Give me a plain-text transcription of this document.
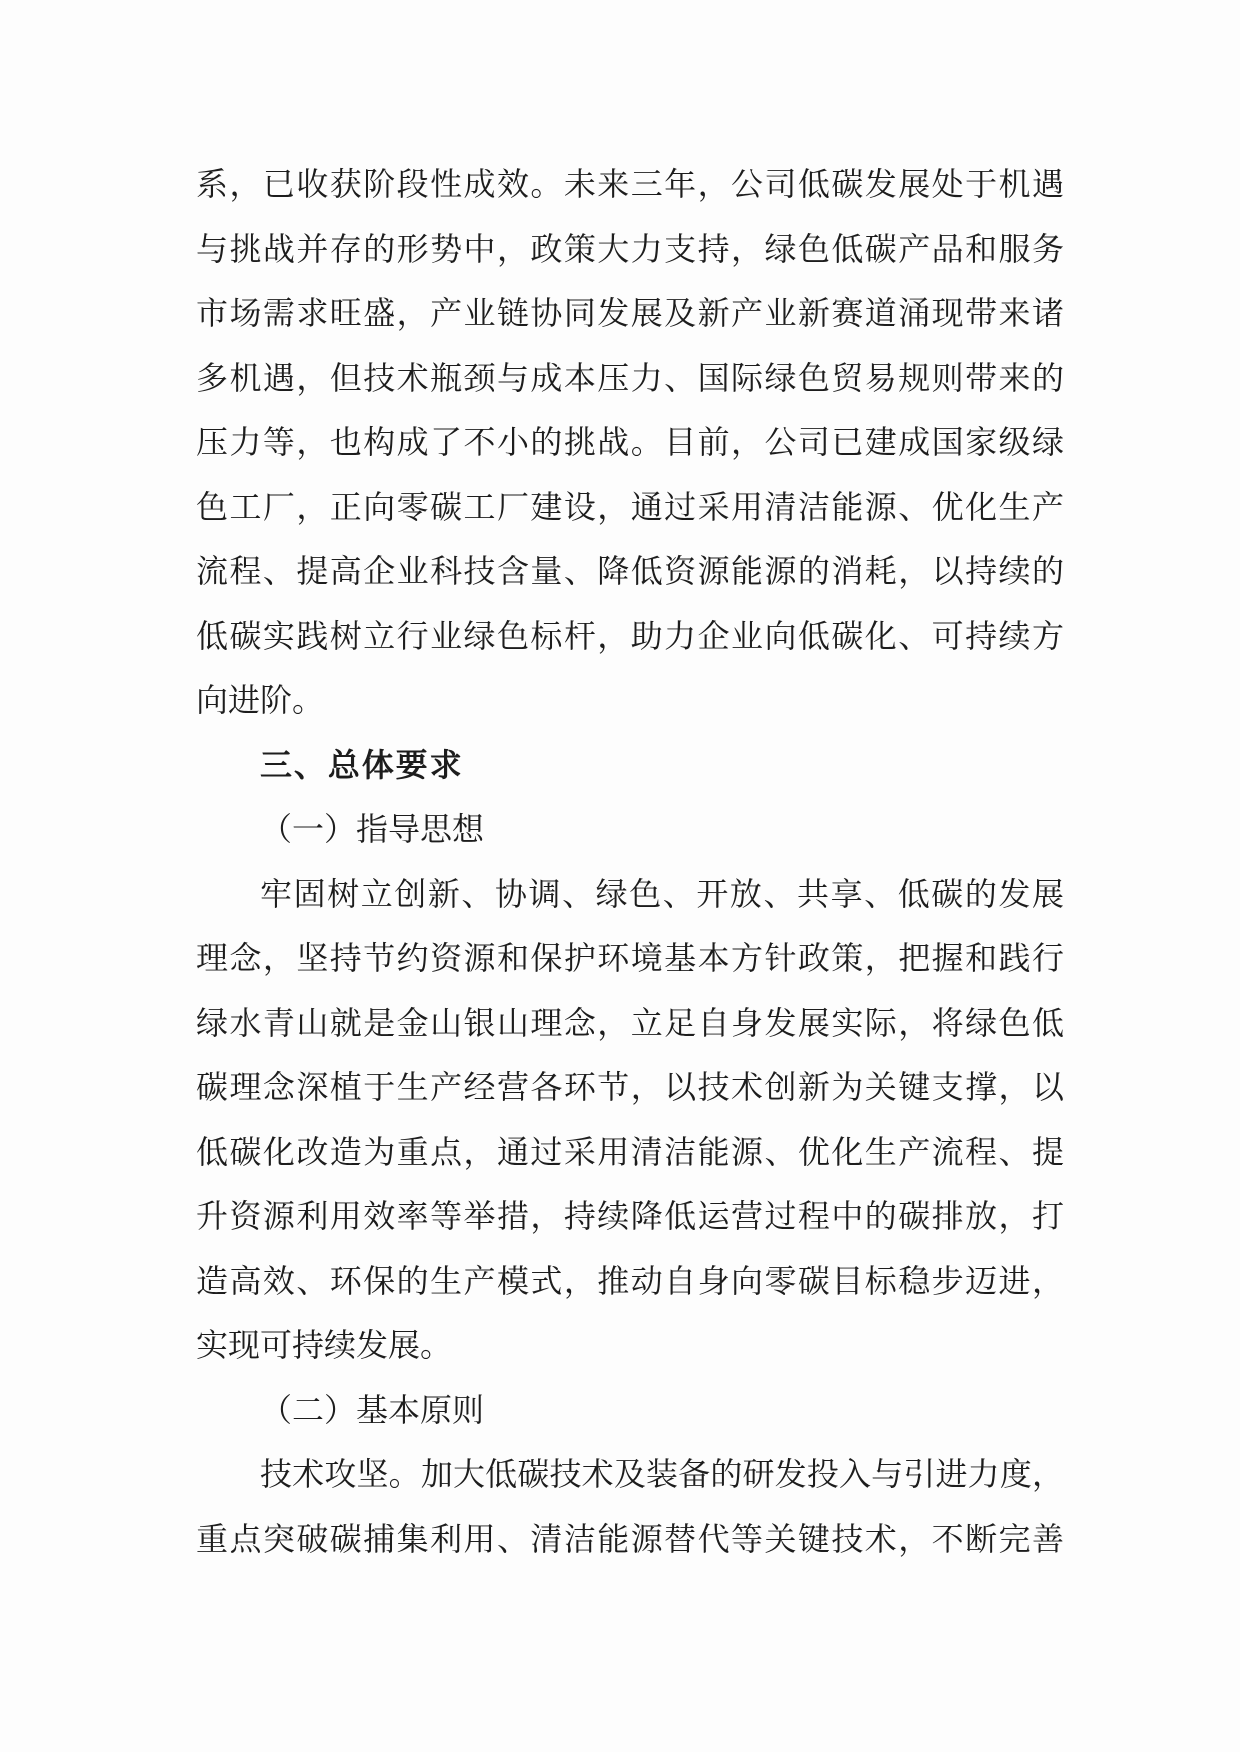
系，已收获阶段性成效。未来三年，公司低碳发展处于机遇
与挑战并存的形势中，政策大力支持，绿色低碳产品和服务
市场需求旺盛，产业链协同发展及新产业新赛道涌现带来诸
多机遇，但技术瓶颈与成本压力、国际绿色贸易规则带来的
压力等，也构成了不小的挑战。目前，公司已建成国家级绿
色工厂，正向零碳工厂建设，通过采用清洁能源、优化生产
流程、提高企业科技含量、降低资源能源的消耗，以持续的
低碳实践树立行业绿色标杆，助力企业向低碳化、可持续方
向进阶。
三、总体要求
（一）指导思想
牢固树立创新、协调、绿色、开放、共享、低碳的发展
理念，坚持节约资源和保护环境基本方针政策，把握和践行
绿水青山就是金山银山理念，立足自身发展实际，将绿色低
碳理念深植于生产经营各环节，以技术创新为关键支撑，以
低碳化改造为重点，通过采用清洁能源、优化生产流程、提
升资源利用效率等举措，持续降低运营过程中的碳排放，打
造高效、环保的生产模式，推动自身向零碳目标稳步迈进，
实现可持续发展。
（二）基本原则
技术攻坚。加大低碳技术及装备的研发投入与引进力度，
重点突破碳捕集利用、清洁能源替代等关键技术，不断完善
